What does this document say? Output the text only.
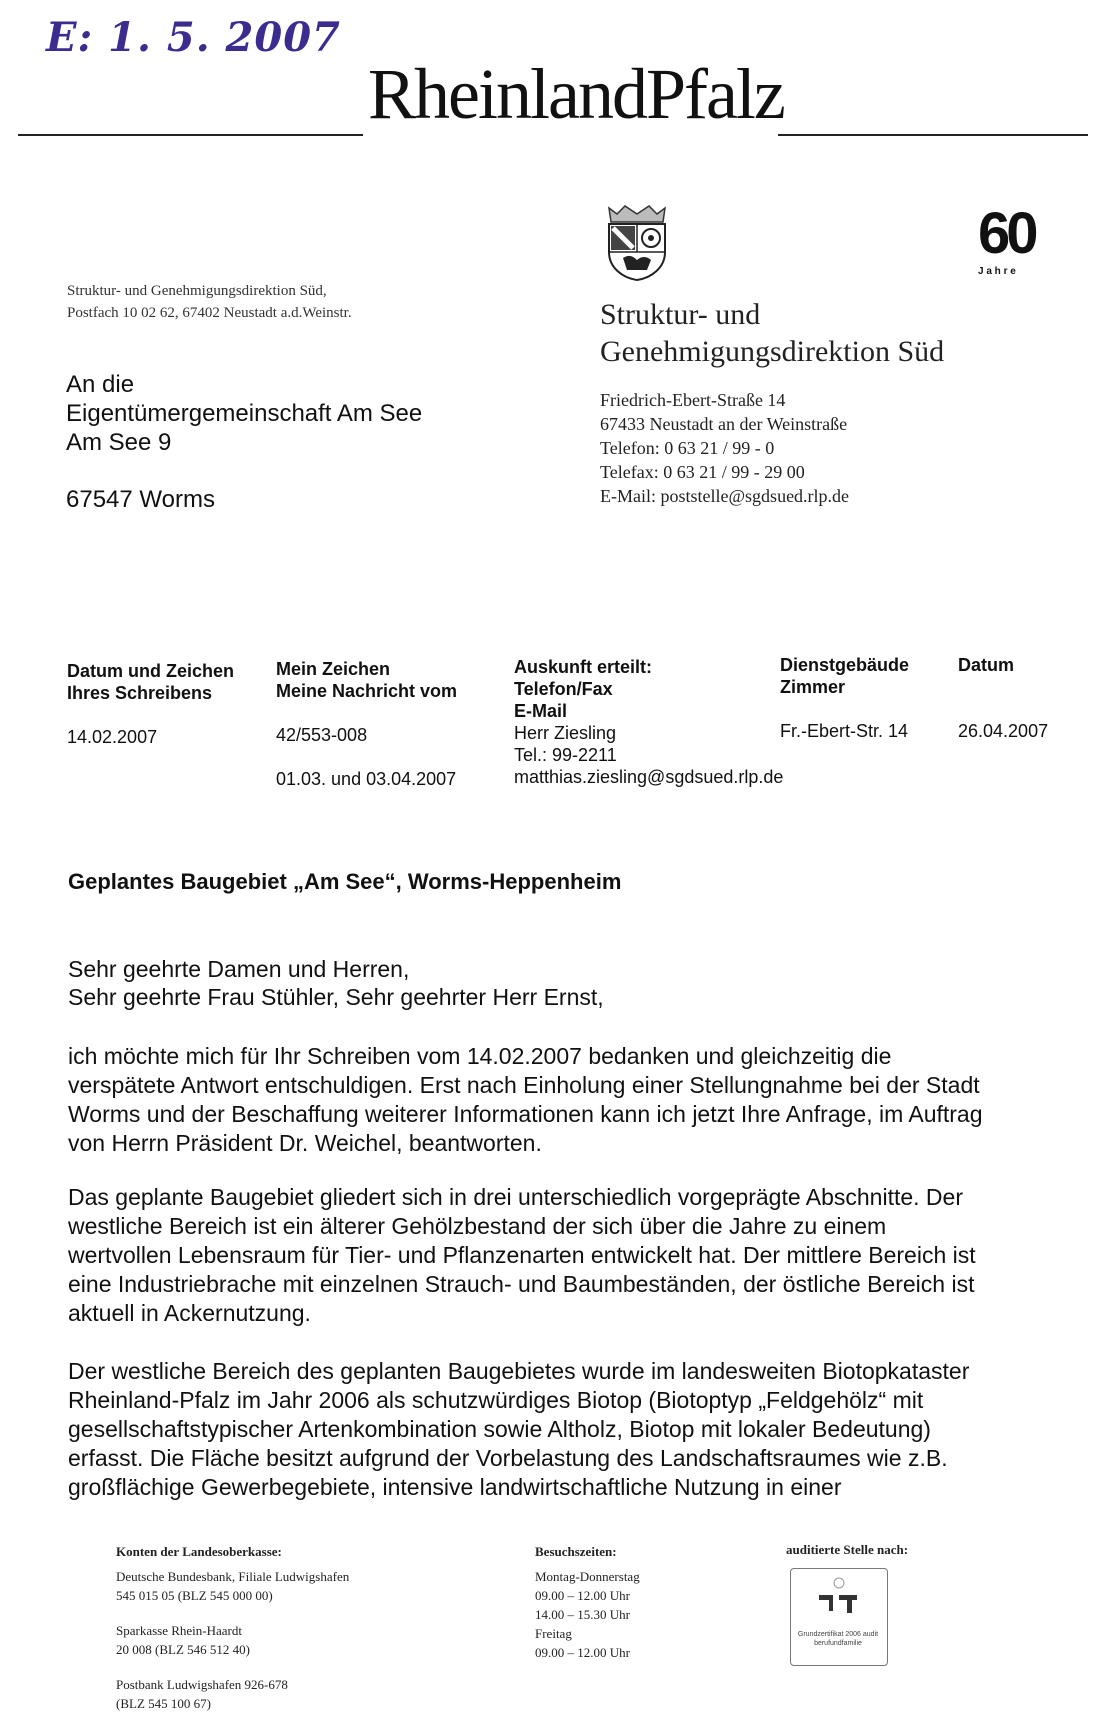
E: 1. 5. 2007
RheinlandPfalz
60
J a h r e
Struktur- und Genehmigungsdirektion Süd,
Postfach 10 02 62, 67402 Neustadt a.d.Weinstr.
An die
Eigentümergemeinschaft Am See
Am See 9
67547 Worms
Struktur- und
Genehmigungsdirektion Süd
Friedrich-Ebert-Straße 14
67433 Neustadt an der Weinstraße
Telefon: 0 63 21 / 99 - 0
Telefax: 0 63 21 / 99 - 29 00
E-Mail: poststelle@sgdsued.rlp.de
Datum und Zeichen
Ihres Schreibens
14.02.2007
Mein Zeichen
Meine Nachricht vom
42/553-008
01.03. und 03.04.2007
Auskunft erteilt:
Telefon/Fax
E-Mail
Herr Ziesling
Tel.: 99-2211
matthias.ziesling@sgdsued.rlp.de
Dienstgebäude
Zimmer
Fr.-Ebert-Str. 14
Datum
26.04.2007
Geplantes Baugebiet „Am See“, Worms-Heppenheim
Sehr geehrte Damen und Herren,
Sehr geehrte Frau Stühler, Sehr geehrter Herr Ernst,
ich möchte mich für Ihr Schreiben vom 14.02.2007 bedanken und gleichzeitig die
verspätete Antwort entschuldigen. Erst nach Einholung einer Stellungnahme bei der Stadt
Worms und der Beschaffung weiterer Informationen kann ich jetzt Ihre Anfrage, im Auftrag
von Herrn Präsident Dr. Weichel, beantworten.
Das geplante Baugebiet gliedert sich in drei unterschiedlich vorgeprägte Abschnitte. Der
westliche Bereich ist ein älterer Gehölzbestand der sich über die Jahre zu einem
wertvollen Lebensraum für Tier- und Pflanzenarten entwickelt hat. Der mittlere Bereich ist
eine Industriebrache mit einzelnen Strauch- und Baumbeständen, der östliche Bereich ist
aktuell in Ackernutzung.
Der westliche Bereich des geplanten Baugebietes wurde im landesweiten Biotopkataster
Rheinland-Pfalz im Jahr 2006 als schutzwürdiges Biotop (Biotoptyp „Feldgehölz“ mit
gesellschaftstypischer Artenkombination sowie Altholz, Biotop mit lokaler Bedeutung)
erfasst. Die Fläche besitzt aufgrund der Vorbelastung des Landschaftsraumes wie z.B.
großflächige Gewerbegebiete, intensive landwirtschaftliche Nutzung in einer
Konten der Landesoberkasse:
Deutsche Bundesbank, Filiale Ludwigshafen
545 015 05 (BLZ 545 000 00)
Sparkasse Rhein-Haardt
20 008 (BLZ 546 512 40)
Postbank Ludwigshafen 926-678
(BLZ 545 100 67)
Besuchszeiten:
Montag-Donnerstag
09.00 – 12.00 Uhr
14.00 – 15.30 Uhr
Freitag
09.00 – 12.00 Uhr
auditierte Stelle nach:
Grundzertifikat 2006 audit berufundfamilie
